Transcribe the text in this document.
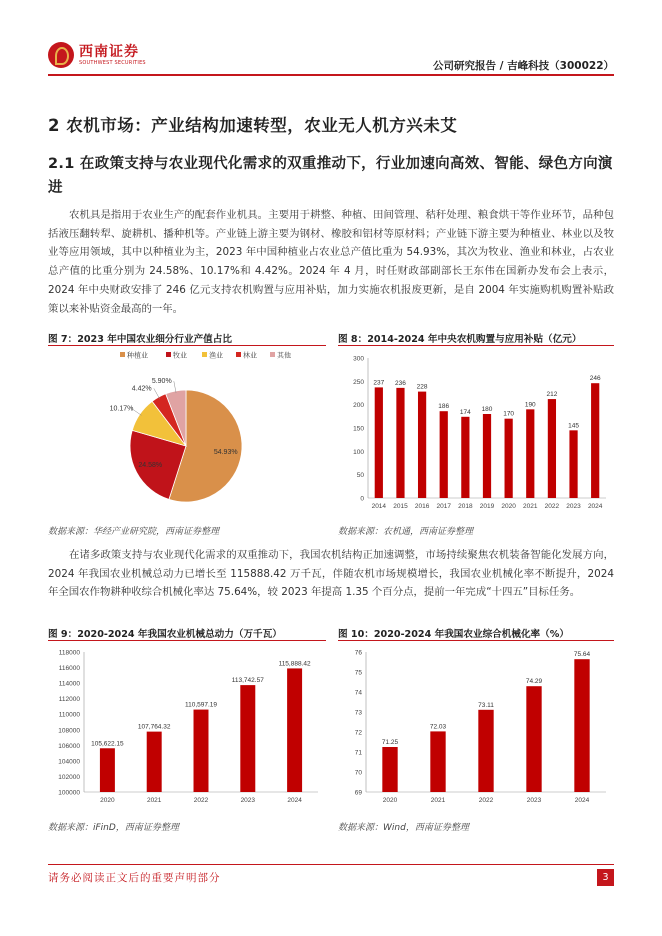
西南证券
SOUTHWEST SECURITIES	公司研究报告 / 吉峰科技（300022）
2 农机市场：产业结构加速转型，农业无人机方兴未艾
2.1 在政策支持与农业现代化需求的双重推动下，行业加速向高效、智能、绿色方向演进
农机具是指用于农业生产的配套作业机具。主要用于耕整、种植、田间管理、秸秆处理、粮食烘干等作业环节，品种包括液压翻转犁、旋耕机、播种机等。产业链上游主要为钢材、橡胶和铝材等原材料；产业链下游主要为种植业、林业以及牧业等应用领域，其中以种植业为主，2023 年中国种植业占农业总产值比重为 54.93%，其次为牧业、渔业和林业，占农业总产值的比重分别为 24.58%、10.17%和 4.42%。2024 年 4 月，时任财政部副部长王东伟在国新办发布会上表示，2024 年中央财政安排了 246 亿元支持农机购置与应用补贴，加力实施农机报废更新，是自 2004 年实施购机购置补贴政策以来补贴资金最高的一年。
图 7：2023 年中国农业细分行业产值占比
种植业	牧业	渔业	林业	其他
54.93%
24.58%
10.17%
4.42%
5.90%
数据来源：华经产业研究院，西南证券整理
图 8：2014-2024 年中央农机购置与应用补贴（亿元）
0
50
100
150
200
250
300
237
2014
236
2015
228
2016
186
2017
174
2018
180
2019
170
2020
190
2021
212
2022
145
2023
246
2024
数据来源：农机通，西南证券整理
在诸多政策支持与农业现代化需求的双重推动下，我国农机结构正加速调整，市场持续聚焦农机装备智能化发展方向，2024 年我国农业机械总动力已增长至 115888.42 万千瓦，伴随农机市场规模增长，我国农业机械化率不断提升，2024 年全国农作物耕种收综合机械化率达 75.64%，较 2023 年提高 1.35 个百分点，提前一年完成“十四五”目标任务。
图 9：2020-2024 年我国农业机械总动力（万千瓦）
100000
102000
104000
106000
108000
110000
112000
114000
116000
118000
105,622.15
2020
107,764.32
2021
110,597.19
2022
113,742.57
2023
115,888.42
2024
数据来源：iFinD，西南证券整理
图 10：2020-2024 年我国农业综合机械化率（%）
69
70
71
72
73
74
75
76
71.25
2020
72.03
2021
73.11
2022
74.29
2023
75.64
2024
数据来源：Wind，西南证券整理
请务必阅读正文后的重要声明部分	3
